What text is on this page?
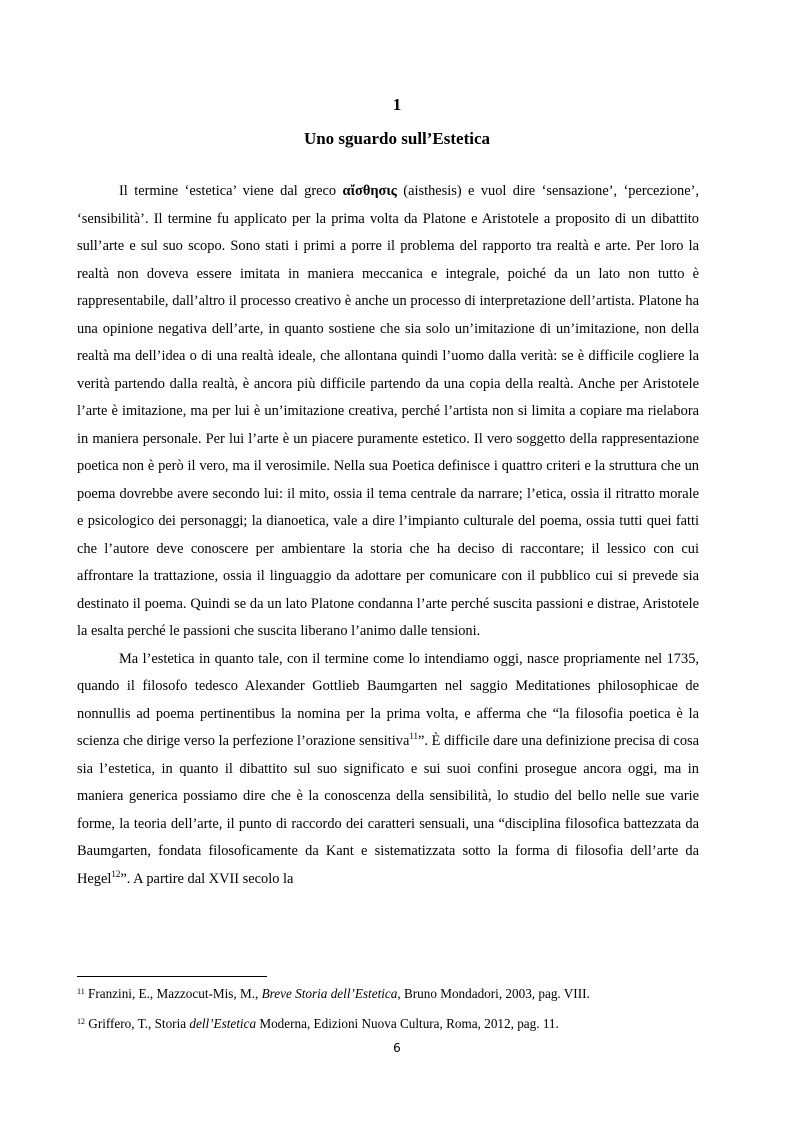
1
Uno sguardo sull’Estetica

Il termine ‘estetica’ viene dal greco αἴσθησις (aisthesis) e vuol dire ‘sensazione’, ‘percezione’, ‘sensibilità’. Il termine fu applicato per la prima volta da Platone e Aristotele a proposito di un dibattito sull’arte e sul suo scopo. Sono stati i primi a porre il problema del rapporto tra realtà e arte. Per loro la realtà non doveva essere imitata in maniera meccanica e integrale, poiché da un lato non tutto è rappresentabile, dall’altro il processo creativo è anche un processo di interpretazione dell’artista. Platone ha una opinione negativa dell’arte, in quanto sostiene che sia solo un’imitazione di un’imitazione, non della realtà ma dell’idea o di una realtà ideale, che allontana quindi l’uomo dalla verità: se è difficile cogliere la verità partendo dalla realtà, è ancora più difficile partendo da una copia della realtà. Anche per Aristotele l’arte è imitazione, ma per lui è un’imitazione creativa, perché l’artista non si limita a copiare ma rielabora in maniera personale. Per lui l’arte è un piacere puramente estetico. Il vero soggetto della rappresentazione poetica non è però il vero, ma il verosimile. Nella sua Poetica definisce i quattro criteri e la struttura che un poema dovrebbe avere secondo lui: il mito, ossia il tema centrale da narrare; l’etica, ossia il ritratto morale e psicologico dei personaggi; la dianoetica, vale a dire l’impianto culturale del poema, ossia tutti quei fatti che l’autore deve conoscere per ambientare la storia che ha deciso di raccontare; il lessico con cui affrontare la trattazione, ossia il linguaggio da adottare per comunicare con il pubblico cui si prevede sia destinato il poema. Quindi se da un lato Platone condanna l’arte perché suscita passioni e distrae, Aristotele la esalta perché le passioni che suscita liberano l’animo dalle tensioni.

Ma l’estetica in quanto tale, con il termine come lo intendiamo oggi, nasce propriamente nel 1735, quando il filosofo tedesco Alexander Gottlieb Baumgarten nel saggio Meditationes philosophicae de nonnullis ad poema pertinentibus la nomina per la prima volta, e afferma che “la filosofia poetica è la scienza che dirige verso la perfezione l’orazione sensitiva$^{11}$”. È difficile dare una definizione precisa di cosa sia l’estetica, in quanto il dibattito sul suo significato e sui suoi confini prosegue ancora oggi, ma in maniera generica possiamo dire che è la conoscenza della sensibilità, lo studio del bello nelle sue varie forme, la teoria dell’arte, il punto di raccordo dei caratteri sensuali, una “disciplina filosofica battezzata da Baumgarten, fondata filosoficamente da Kant e sistematizzata sotto la forma di filosofia dell’arte da Hegel$^{12}$”. A partire dal XVII secolo la

$^{11}$ Franzini, E., Mazzocut-Mis, M., Breve Storia dell’Estetica, Bruno Mondadori, 2003, pag. VIII.
$^{12}$ Griffero, T., Storia dell’Estetica Moderna, Edizioni Nuova Cultura, Roma, 2012, pag. 11.
6
